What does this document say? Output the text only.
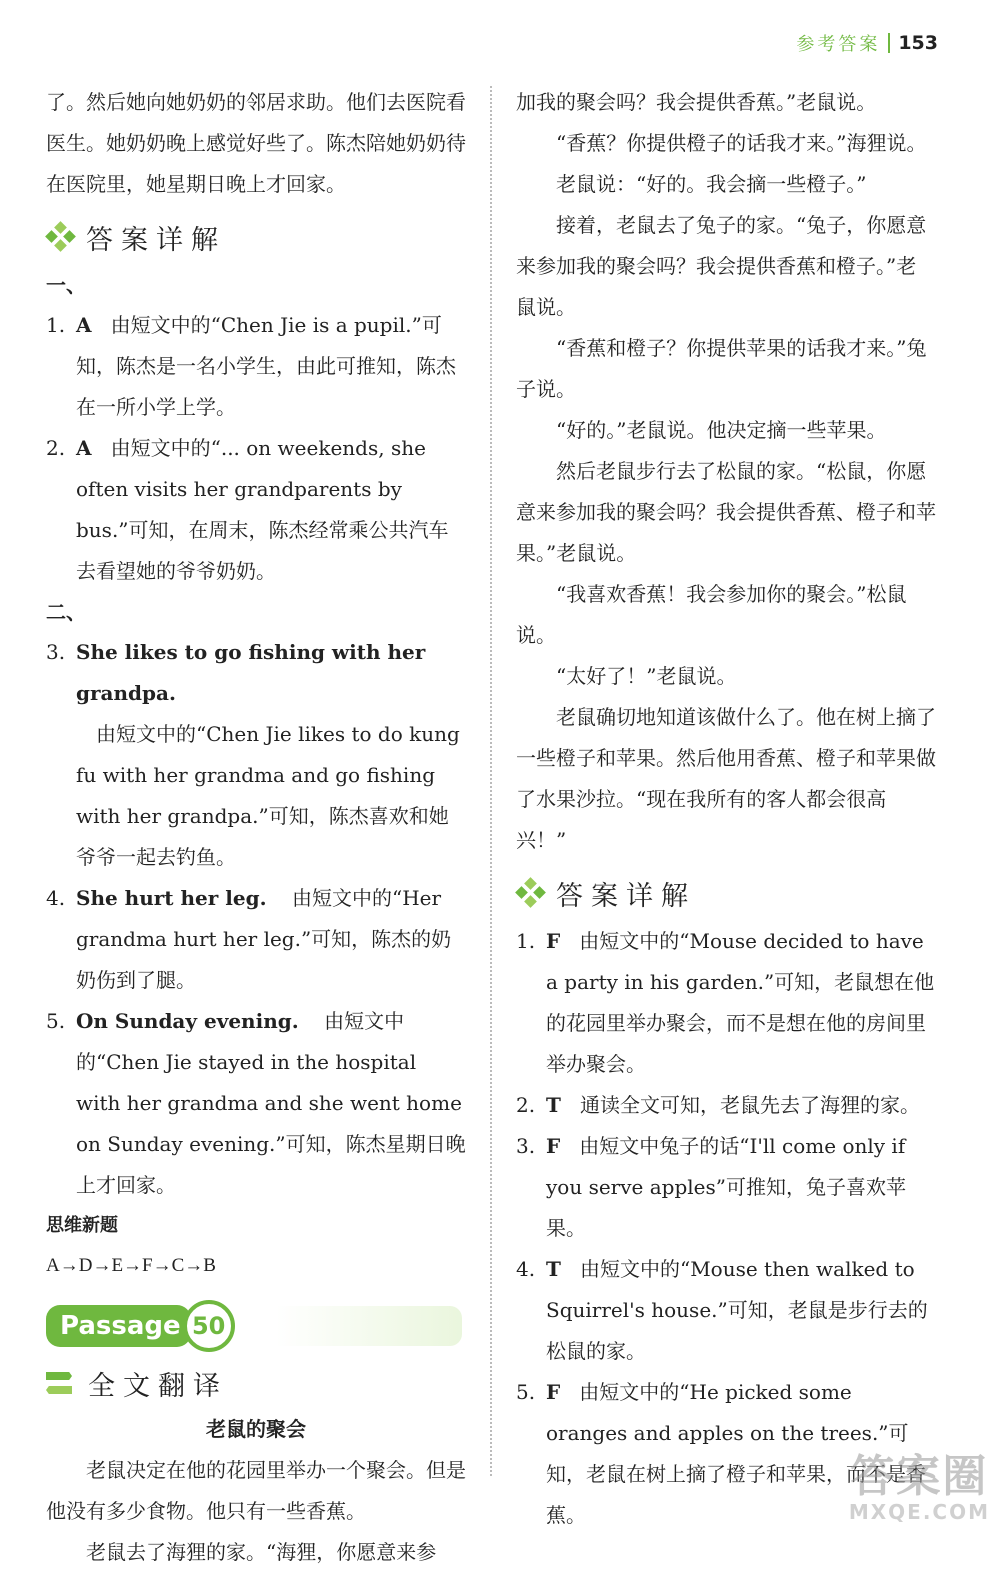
参考答案 153

了。然后她向她奶奶的邻居求助。他们去医院看医生。她奶奶晚上感觉好些了。陈杰陪她奶奶待在医院里，她星期日晚上才回家。

答案详解
一、
1. A 由短文中的“Chen Jie is a pupil.”可知，陈杰是一名小学生，由此可推知，陈杰在一所小学上学。
2. A 由短文中的“... on weekends, she often visits her grandparents by bus.”可知，在周末，陈杰经常乘公共汽车去看望她的爷爷奶奶。
二、
3. She likes to go fishing with her grandpa.
由短文中的“Chen Jie likes to do kung fu with her grandma and go fishing with her grandpa.”可知，陈杰喜欢和她爷爷一起去钓鱼。
4. She hurt her leg. 由短文中的“Her grandma hurt her leg.”可知，陈杰的奶奶伤到了腿。
5. On Sunday evening. 由短文中的“Chen Jie stayed in the hospital with her grandma and she went home on Sunday evening.”可知，陈杰星期日晚上才回家。
思维新题
A→D→E→F→C→B
Passage 50
全文翻译
老鼠的聚会

老鼠决定在他的花园里举办一个聚会。但是他没有多少食物。他只有一些香蕉。

老鼠去了海狸的家。“海狸，你愿意来参

加我的聚会吗？我会提供香蕉。”老鼠说。

“香蕉？你提供橙子的话我才来。”海狸说。

老鼠说：“好的。我会摘一些橙子。”

接着，老鼠去了兔子的家。“兔子，你愿意来参加我的聚会吗？我会提供香蕉和橙子。”老鼠说。

“香蕉和橙子？你提供苹果的话我才来。”兔子说。

“好的。”老鼠说。他决定摘一些苹果。

然后老鼠步行去了松鼠的家。“松鼠，你愿意来参加我的聚会吗？我会提供香蕉、橙子和苹果。”老鼠说。

“我喜欢香蕉！我会参加你的聚会。”松鼠说。

“太好了！”老鼠说。

老鼠确切地知道该做什么了。他在树上摘了一些橙子和苹果。然后他用香蕉、橙子和苹果做了水果沙拉。“现在我所有的客人都会很高兴！”

答案详解
1. F 由短文中的“Mouse decided to have a party in his garden.”可知，老鼠想在他的花园里举办聚会，而不是想在他的房间里举办聚会。
2. T 通读全文可知，老鼠先去了海狸的家。
3. F 由短文中兔子的话“I'll come only if you serve apples”可推知，兔子喜欢苹果。
4. T 由短文中的“Mouse then walked to Squirrel's house.”可知，老鼠是步行去的松鼠的家。
5. F 由短文中的“He picked some oranges and apples on the trees.”可知，老鼠在树上摘了橙子和苹果，而不是香蕉。
答案圈
MXQE.COM
